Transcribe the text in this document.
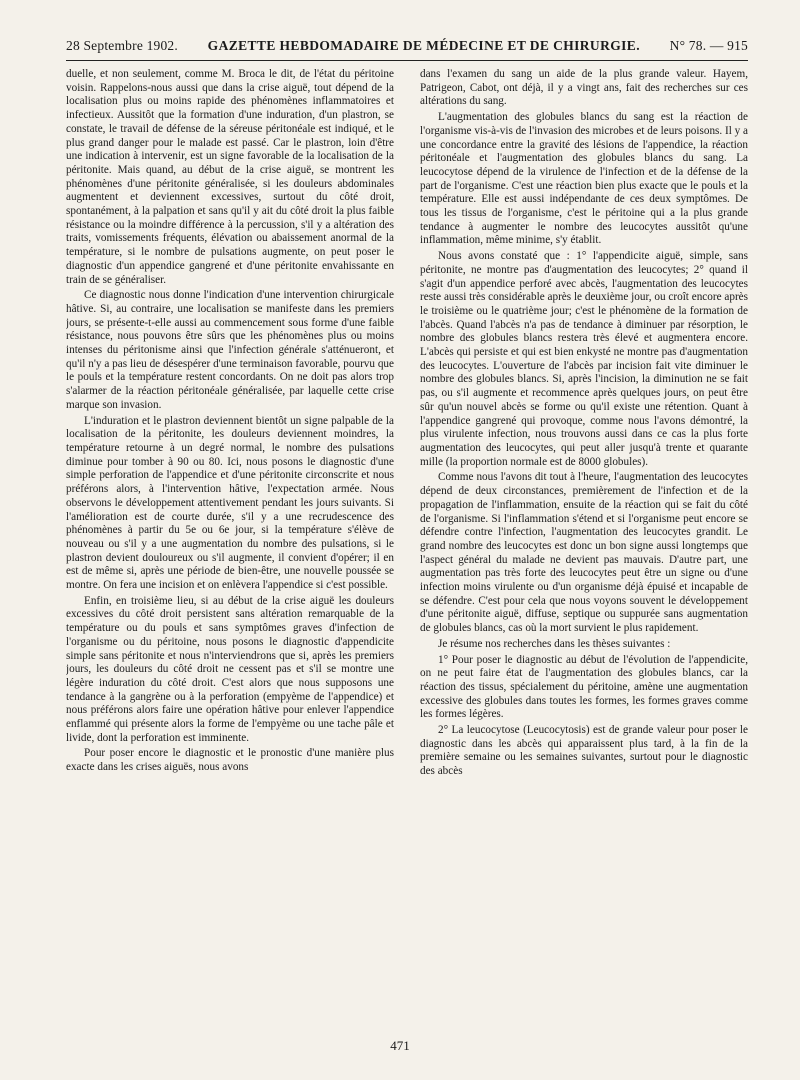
28 Septembre 1902. GAZETTE HEBDOMADAIRE DE MÉDECINE ET DE CHIRURGIE. N° 78. — 915

duelle, et non seulement, comme M. Broca le dit, de l'état du péritoine voisin. Rappelons-nous aussi que dans la crise aiguë, tout dépend de la localisation plus ou moins rapide des phénomènes inflammatoires et infectieux. Aussitôt que la formation d'une induration, d'un plastron, se constate, le travail de défense de la séreuse péritonéale est indiqué, et le plus grand danger pour le malade est passé. Car le plastron, loin d'être une indication à intervenir, est un signe favorable de la localisation de la péritonite. Mais quand, au début de la crise aiguë, se montrent les phénomènes d'une péritonite généralisée, si les douleurs abdominales augmentent et deviennent excessives, surtout du côté droit, spontanément, à la palpation et sans qu'il y ait du côté droit la plus faible résistance ou la moindre différence à la percussion, s'il y a altération des traits, vomissements fréquents, élévation ou abaissement anormal de la température, si le nombre de pulsations augmente, on peut poser le diagnostic d'un appendice gangrené et d'une péritonite envahissante en train de se généraliser.

Ce diagnostic nous donne l'indication d'une intervention chirurgicale hâtive. Si, au contraire, une localisation se manifeste dans les premiers jours, se présente-t-elle aussi au commencement sous forme d'une faible résistance, nous pouvons être sûrs que les phénomènes plus ou moins intenses du péritonisme ainsi que l'infection générale s'atténueront, et qu'il n'y a pas lieu de désespérer d'une terminaison favorable, pourvu que le pouls et la température restent concordants. On ne doit pas alors trop s'alarmer de la réaction péritonéale généralisée, par laquelle cette crise marque son invasion.

L'induration et le plastron deviennent bientôt un signe palpable de la localisation de la péritonite, les douleurs deviennent moindres, la température retourne à un degré normal, le nombre des pulsations diminue pour tomber à 90 ou 80. Ici, nous posons le diagnostic d'une simple perforation de l'appendice et d'une péritonite circonscrite et nous préférons alors, à l'intervention hâtive, l'expectation armée. Nous observons le développement attentivement pendant les jours suivants. Si l'amélioration est de courte durée, s'il y a une recrudescence des phénomènes à partir du 5e ou 6e jour, si la température s'élève de nouveau ou s'il y a une augmentation du nombre des pulsations, si le plastron devient douloureux ou s'il augmente, il convient d'opérer; il en est de même si, après une période de bien-être, une nouvelle poussée se montre. On fera une incision et on enlèvera l'appendice si c'est possible.

Enfin, en troisième lieu, si au début de la crise aiguë les douleurs excessives du côté droit persistent sans altération remarquable de la température ou du pouls et sans symptômes graves d'infection de l'organisme ou du péritoine, nous posons le diagnostic d'appendicite simple sans péritonite et nous n'interviendrons que si, après les premiers jours, les douleurs du côté droit ne cessent pas et s'il se montre une légère induration du côté droit. C'est alors que nous supposons une tendance à la gangrène ou à la perforation (empyème de l'appendice) et nous préférons alors faire une opération hâtive pour enlever l'appendice enflammé qui présente alors la forme de l'empyème ou une tache pâle et livide, dont la perforation est imminente.

Pour poser encore le diagnostic et le pronostic d'une manière plus exacte dans les crises aiguës, nous avons

dans l'examen du sang un aide de la plus grande valeur. Hayem, Patrigeon, Cabot, ont déjà, il y a vingt ans, fait des recherches sur ces altérations du sang.

L'augmentation des globules blancs du sang est la réaction de l'organisme vis-à-vis de l'invasion des microbes et de leurs poisons. Il y a une concordance entre la gravité des lésions de l'appendice, la réaction péritonéale et l'augmentation des globules blancs du sang. La leucocytose dépend de la virulence de l'infection et de la défense de la part de l'organisme. C'est une réaction bien plus exacte que le pouls et la température. Elle est aussi indépendante de ces deux symptômes. De tous les tissus de l'organisme, c'est le péritoine qui a la plus grande tendance à augmenter le nombre des leucocytes aussitôt qu'une inflammation, même minime, s'y établit.

Nous avons constaté que : 1° l'appendicite aiguë, simple, sans péritonite, ne montre pas d'augmentation des leucocytes; 2° quand il s'agit d'un appendice perforé avec abcès, l'augmentation des leucocytes reste aussi très considérable après le deuxième jour, ou croît encore après le troisième ou le quatrième jour; c'est le phénomène de la formation de l'abcès. Quand l'abcès n'a pas de tendance à diminuer par résorption, le nombre des globules blancs restera très élevé et augmentera encore. L'abcès qui persiste et qui est bien enkysté ne montre pas d'augmentation des leucocytes. L'ouverture de l'abcès par incision fait vite diminuer le nombre des globules blancs. Si, après l'incision, la diminution ne se fait pas, ou s'il augmente et recommence après quelques jours, on peut être sûr qu'un nouvel abcès se forme ou qu'il existe une rétention. Quant à l'appendice gangrené qui provoque, comme nous l'avons démontré, la plus virulente infection, nous trouvons aussi dans ce cas la plus forte augmentation des leucocytes, qui peut aller jusqu'à trente et quarante mille (la proportion normale est de 8000 globules).

Comme nous l'avons dit tout à l'heure, l'augmentation des leucocytes dépend de deux circonstances, premièrement de l'infection et de la propagation de l'inflammation, ensuite de la réaction qui se fait du côté de l'organisme. Si l'inflammation s'étend et si l'organisme peut encore se défendre contre l'infection, l'augmentation des leucocytes grandit. Le grand nombre des leucocytes est donc un bon signe aussi longtemps que l'aspect général du malade ne devient pas mauvais. D'autre part, une augmentation pas très forte des leucocytes peut être un signe ou d'une infection moins virulente ou d'un organisme déjà épuisé et incapable de se défendre. C'est pour cela que nous voyons souvent le développement d'une péritonite aiguë, diffuse, septique ou suppurée sans augmentation de globules blancs, cas où la mort survient le plus rapidement.

Je résume nos recherches dans les thèses suivantes :

1° Pour poser le diagnostic au début de l'évolution de l'appendicite, on ne peut faire état de l'augmentation des globules blancs, car la réaction des tissus, spécialement du péritoine, amène une augmentation excessive des globules dans toutes les formes, les formes graves comme les formes légères.

2° La leucocytose (Leucocytosis) est de grande valeur pour poser le diagnostic dans les abcès qui apparaissent plus tard, à la fin de la première semaine ou les semaines suivantes, surtout pour le diagnostic des abcès

471
